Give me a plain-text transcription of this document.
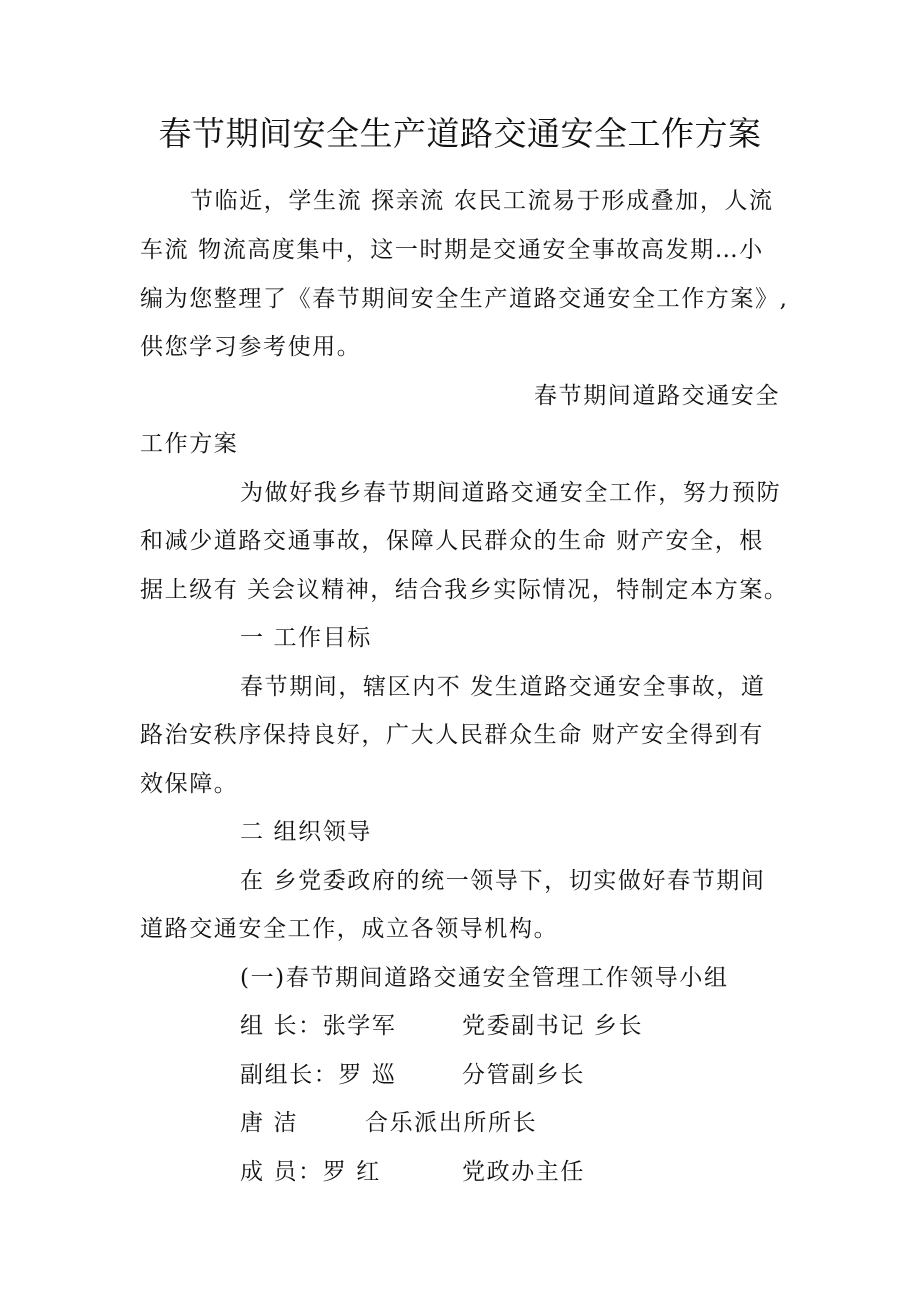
春节期间安全生产道路交通安全工作方案
节临近，学生流 探亲流 农民工流易于形成叠加，人流
车流 物流高度集中，这一时期是交通安全事故高发期…小
编为您整理了《春节期间安全生产道路交通安全工作方案》,
供您学习参考使用。
春节期间道路交通安全
工作方案
为做好我乡春节期间道路交通安全工作，努力预防
和减少道路交通事故，保障人民群众的生命 财产安全，根
据上级有 关会议精神，结合我乡实际情况，特制定本方案。
一 工作目标
春节期间，辖区内不 发生道路交通安全事故，道
路治安秩序保持良好，广大人民群众生命 财产安全得到有
效保障。
二 组织领导
在 乡党委政府的统一领导下，切实做好春节期间
道路交通安全工作，成立各领导机构。
(一)春节期间道路交通安全管理工作领导小组
组 长：张学军	党委副书记 乡长
副组长：罗 巡	分管副乡长
唐 洁	合乐派出所所长
成 员：罗 红	党政办主任
